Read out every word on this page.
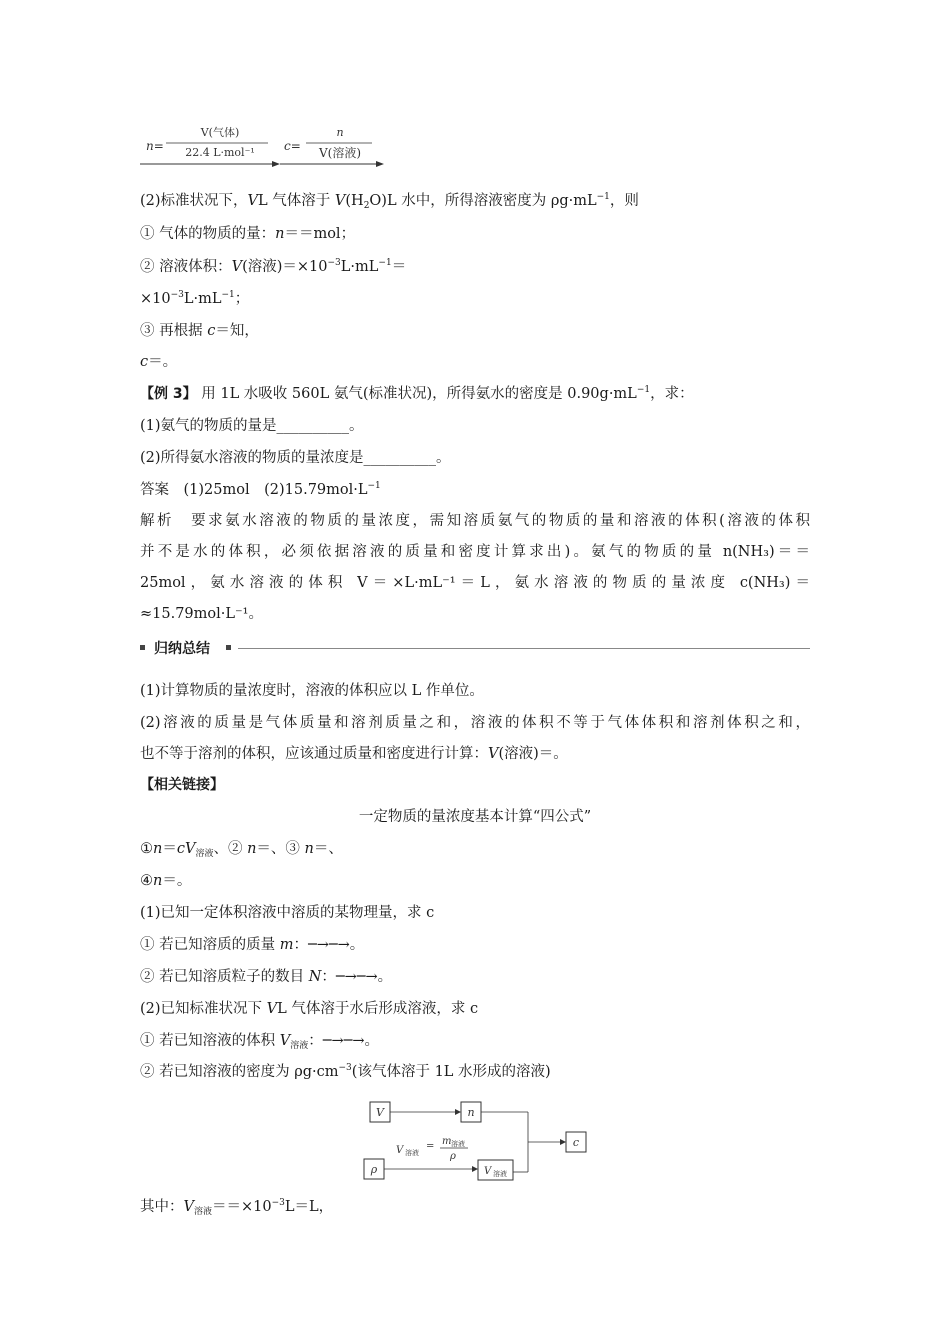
n=
V(气体)
22.4 L·mol⁻¹ c=
n
V(溶液)
(2)标准状况下，VL 气体溶于 $V(H_2O)L$ 水中，所得溶液密度为 $\rho g\cdot mL^{-1}$，则
① 气体的物质的量：n＝＝mol；
② 溶液体积：V(溶液)$=\times 10^{-3}L\cdot mL^{-1}=$
$\times 10^{-3}L\cdot mL^{-1}$；
③ 再根据 c＝知，
c＝。
【例 3】 用 1L 水吸收 560L 氨气(标准状况)，所得氨水的密度是 $0.90g\cdot mL^{-1}$，求：
(1)氨气的物质的量是__________。
(2)所得氨水溶液的物质的量浓度是__________。
答案　(1)25mol　$(2)15.79mol\cdot L^{-1}$
解析　要求氨水溶液的物质的量浓度，需知溶质氨气的物质的量和溶液的体积(溶液的体积
并不是水的体积，必须依据溶液的质量和密度计算求出)。氨气的物质的量 n(NH₃)＝＝
25mol，氨水溶液的体积 V＝×L·mL⁻¹＝L，氨水溶液的物质的量浓度 c(NH₃)＝
≈15.79mol·L⁻¹。
归纳总结
(1)计算物质的量浓度时，溶液的体积应以 L 作单位。
(2)溶液的质量是气体质量和溶剂质量之和，溶液的体积不等于气体体积和溶剂体积之和，
也不等于溶剂的体积，应该通过质量和密度进行计算：V(溶液)＝。
【相关链接】
一定物质的量浓度基本计算“四公式”
$①n=cV_{溶液}$、② n＝、③ n＝、
④n＝。
(1)已知一定体积溶液中溶质的某物理量，求 c
① 若已知溶质的质量 m：─→─→。
② 若已知溶质粒子的数目 N：─→─→。
(2)已知标准状况下 VL 气体溶于水后形成溶液，求 c
① 若已知溶液的体积 $V_{溶液}$：─→─→。
② 若已知溶液的密度为 $\rho g\cdot cm^{-3}$(该气体溶于 1L 水形成的溶液)
V	n
c
V 溶液
= m 溶液
ρ
ρ	V 溶液
其中：$V_{溶液}==\times 10^{-3}L=L$，
